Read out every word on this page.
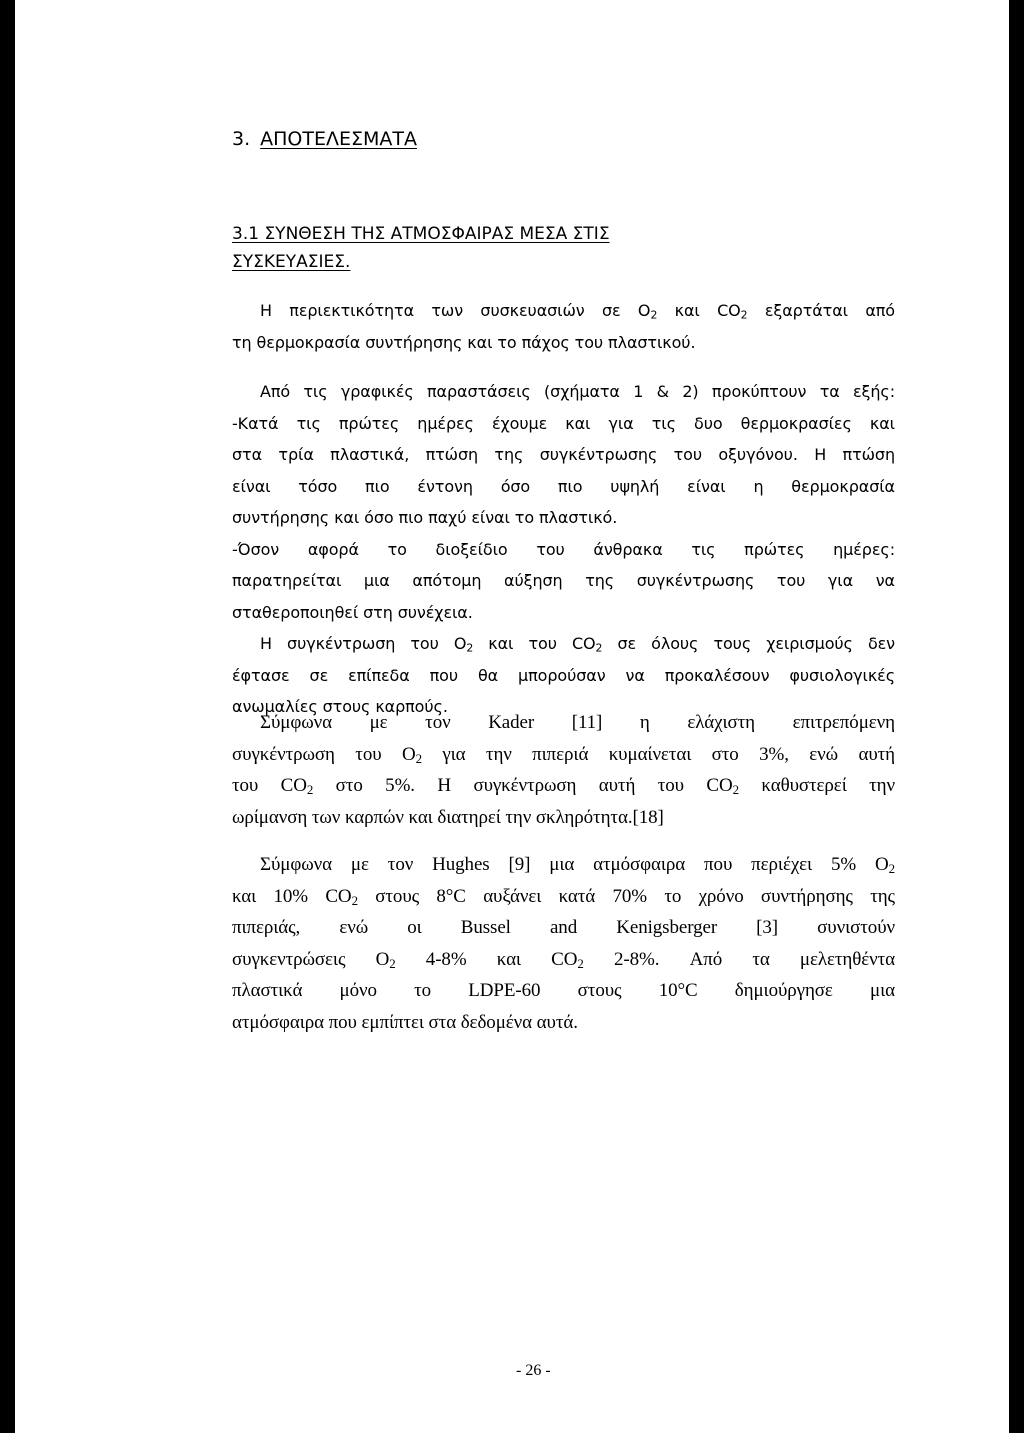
3. ΑΠΟΤΕΛΕΣΜΑΤΑ
3.1 ΣΥΝΘΕΣΗ ΤΗΣ ΑΤΜΟΣΦΑΙΡΑΣ ΜΕΣΑ ΣΤΙΣ
ΣΥΣΚΕΥΑΣΙΕΣ.
Η περιεκτικότητα των συσκευασιών σε $O_2$ και $CO_2$ εξαρτάται από
τη θερμοκρασία συντήρησης και το πάχος του πλαστικού.
Από τις γραφικές παραστάσεις (σχήματα 1 & 2) προκύπτουν τα εξής:
-Κατά τις πρώτες ημέρες έχουμε και για τις δυο θερμοκρασίες και
στα τρία πλαστικά, πτώση της συγκέντρωσης του οξυγόνου. Η πτώση
είναι τόσο πιο έντονη όσο πιο υψηλή είναι η θερμοκρασία
συντήρησης και όσο πιο παχύ είναι το πλαστικό.
-Όσον αφορά το διοξείδιο του άνθρακα τις πρώτες ημέρες:
παρατηρείται μια απότομη αύξηση της συγκέντρωσης του για να
σταθεροποιηθεί στη συνέχεια.
Η συγκέντρωση του $O_2$ και του $CO_2$ σε όλους τους χειρισμούς δεν
έφτασε σε επίπεδα που θα μπορούσαν να προκαλέσουν φυσιολογικές
ανωμαλίες στους καρπούς.
Σύμφωνα με τον Kader [11] η ελάχιστη επιτρεπόμενη
συγκέντρωση του $O_2$ για την πιπεριά κυμαίνεται στο 3%, ενώ αυτή
του $CO_2$ στο 5%. Η συγκέντρωση αυτή του $CO_2$ καθυστερεί την
ωρίμανση των καρπών και διατηρεί την σκληρότητα.[18]
Σύμφωνα με τον Hughes [9] μια ατμόσφαιρα που περιέχει 5% $O_2$
και 10% $CO_2$ στους 8°C αυξάνει κατά 70% το χρόνο συντήρησης της
πιπεριάς, ενώ οι Bussel and Kenigsberger [3] συνιστούν
συγκεντρώσεις $O_2$ 4-8% και $CO_2$ 2-8%. Από τα μελετηθέντα
πλαστικά μόνο το LDPE-60 στους 10°C δημιούργησε μια
ατμόσφαιρα που εμπίπτει στα δεδομένα αυτά.
- 26 -
